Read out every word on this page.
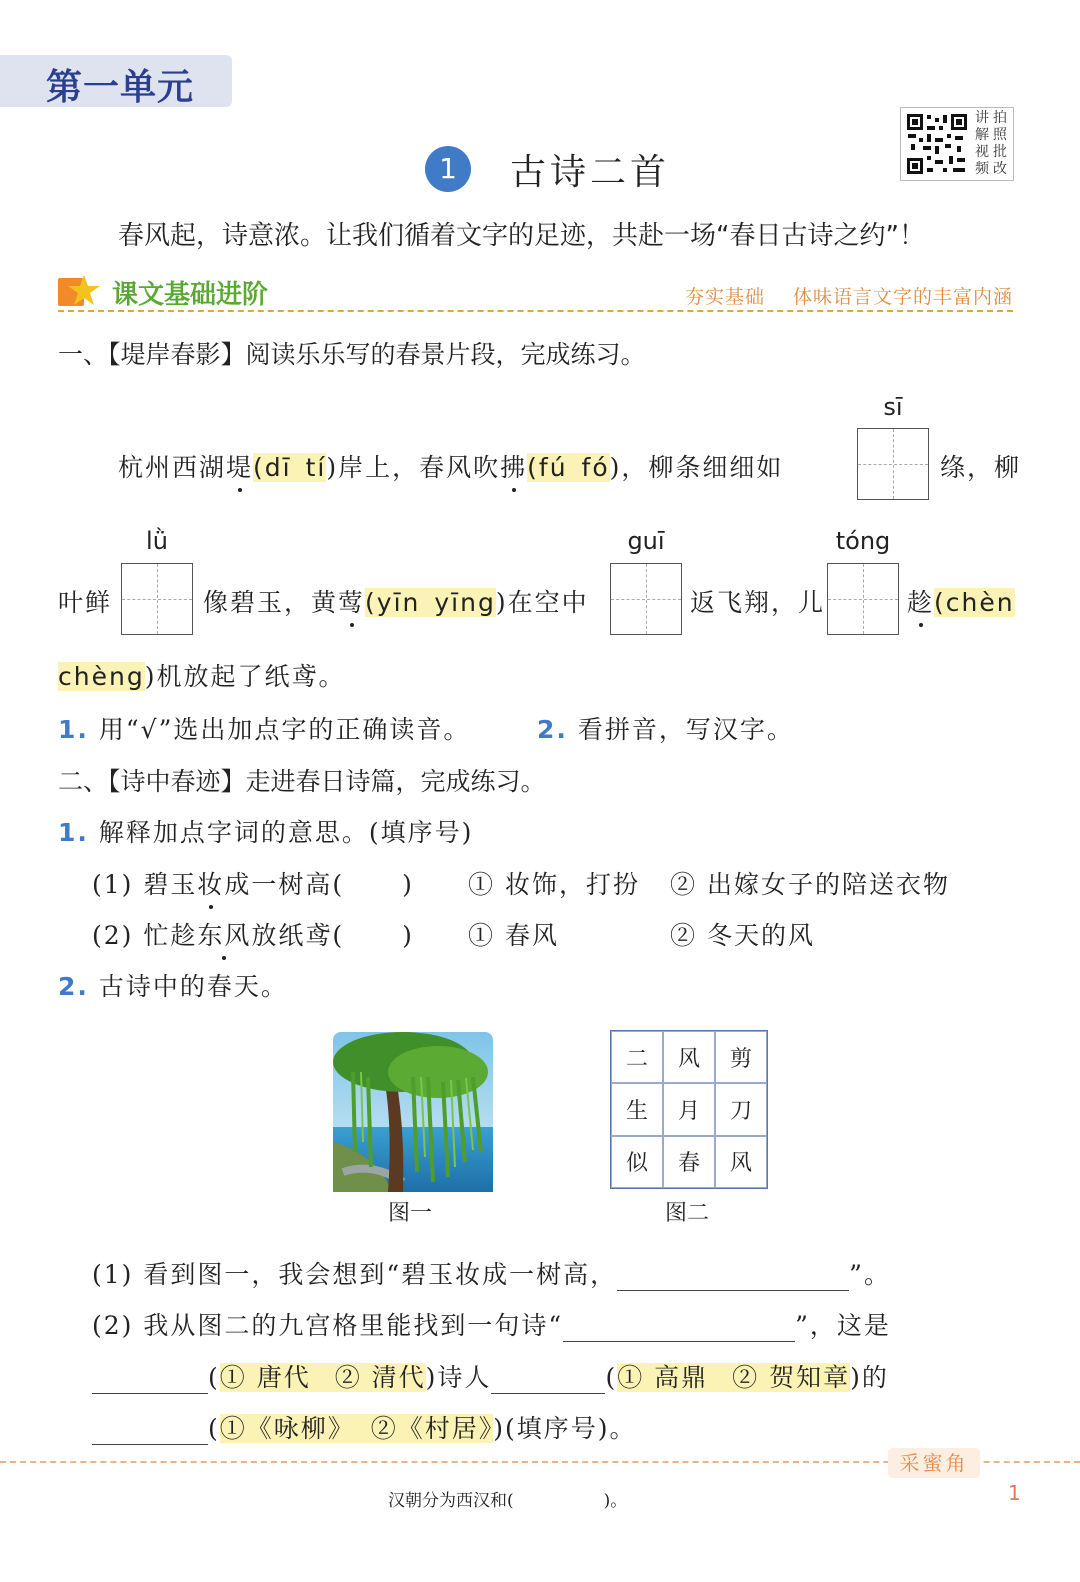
第一单元
讲 拍
解 照
视 批
频 改
1	古诗二首
春风起，诗意浓。让我们循着文字的足迹，共赴一场“春日古诗之约”！
课文基础进阶	夯实基础 体味语言文字的丰富内涵
一、【堤岸春影】阅读乐乐写的春景片段，完成练习。
sī
杭州西湖堤(dī tí)岸上，春风吹拂(fú fó)，柳条细细如	绦，柳
lǜ	guī	tóng
叶鲜	像碧玉，黄莺(yīn yīng)在空中	返飞翔，儿	趁(chèn
chèng)机放起了纸鸢。
1. 用“√”选出加点字的正确读音。	2. 看拼音，写汉字。
二、【诗中春迹】走进春日诗篇，完成练习。
1. 解释加点字词的意思。(填序号)
(1) 碧玉妆成一树高( ) ① 妆饰，打扮 ② 出嫁女子的陪送衣物
(2) 忙趁东风放纸鸢( ) ① 春风	② 冬天的风
2. 古诗中的春天。
图一
二	风	剪
生	月	刀
似	春	风
图二
(1) 看到图一，我会想到“碧玉妆成一树高，	”。
(2) 我从图二的九宫格里能找到一句诗“	”，这是
(① 唐代 ② 清代)诗人	(① 高鼎 ② 贺知章)的
(①《咏柳》 ②《村居》)(填序号)。
采蜜角
汉朝分为西汉和(	)。	1
